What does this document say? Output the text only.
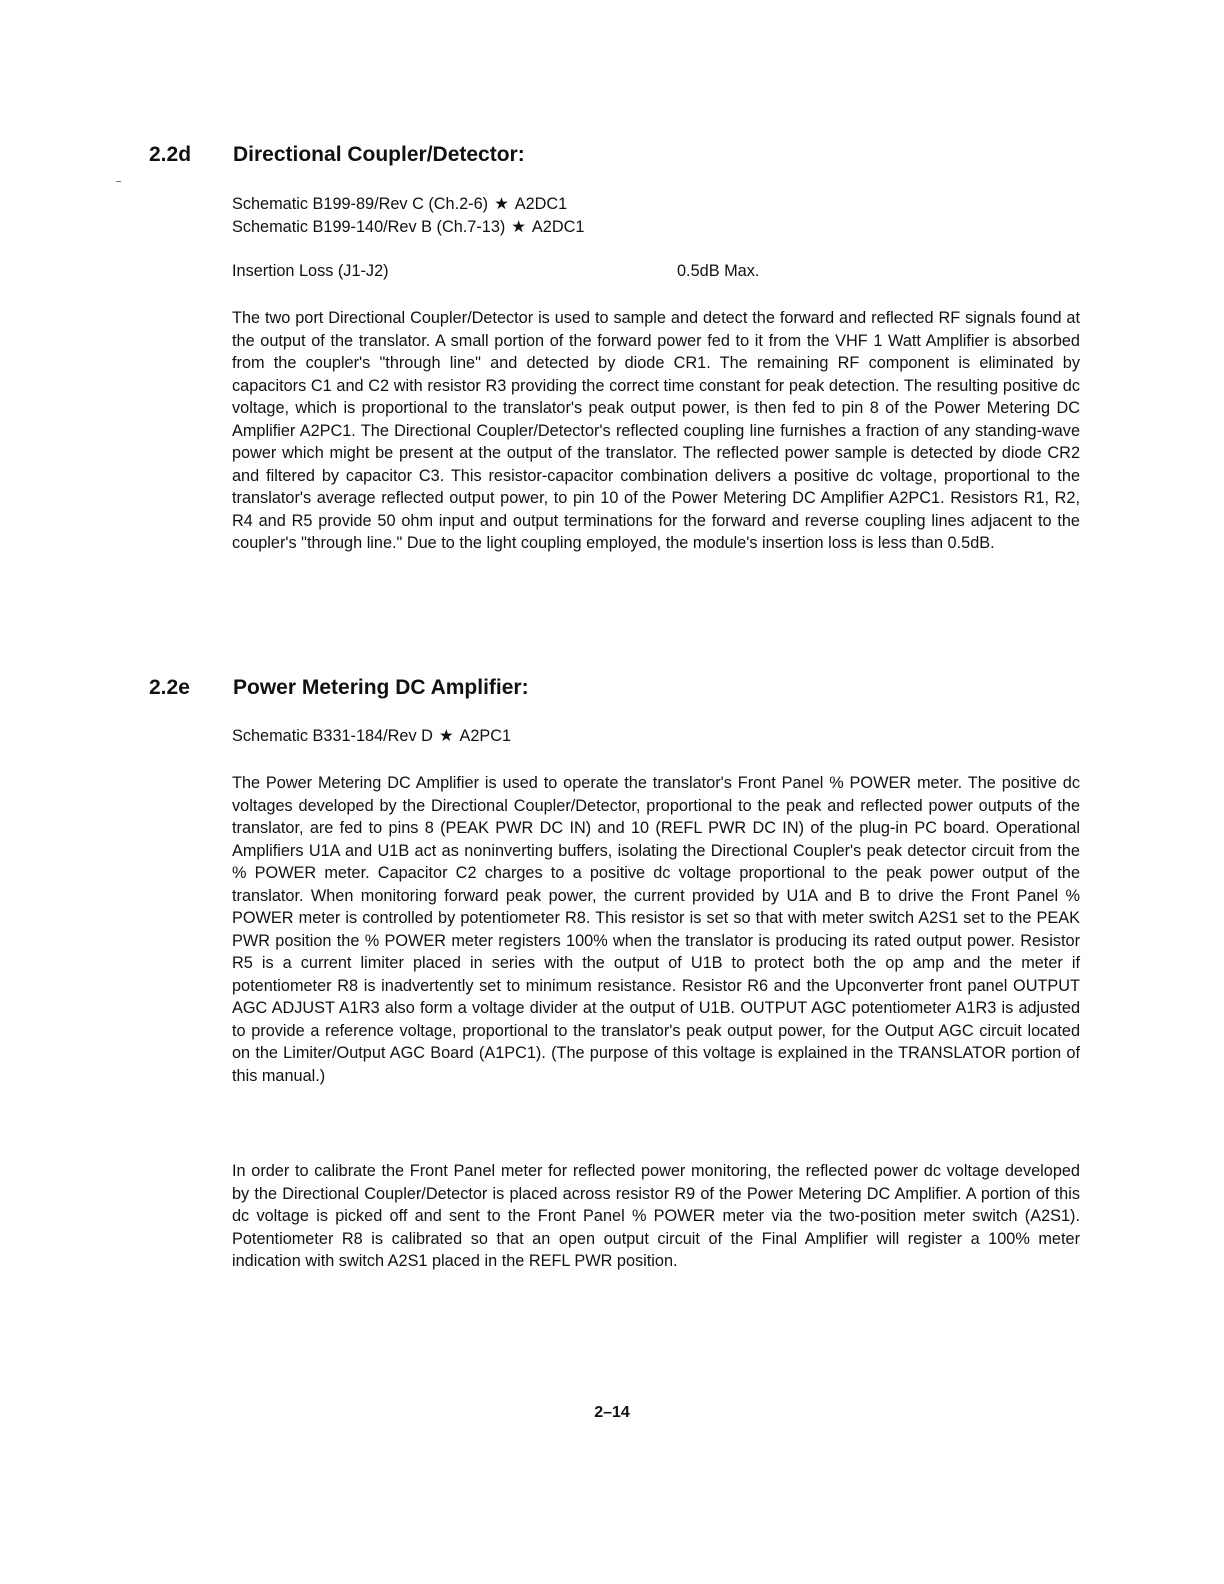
2.2d Directional Coupler/Detector:
Schematic B199-89/Rev C (Ch.2-6) ★ A2DC1
Schematic B199-140/Rev B (Ch.7-13) ★ A2DC1
Insertion Loss (J1-J2)	0.5dB Max.

The two port Directional Coupler/Detector is used to sample and detect the forward and reflected RF signals found at the output of the translator. A small portion of the forward power fed to it from the VHF 1 Watt Amplifier is absorbed from the coupler's "through line" and detected by diode CR1. The remaining RF component is eliminated by capacitors C1 and C2 with resistor R3 providing the correct time constant for peak detection. The resulting positive dc voltage, which is proportional to the translator's peak output power, is then fed to pin 8 of the Power Metering DC Amplifier A2PC1. The Directional Coupler/Detector's reflected coupling line furnishes a fraction of any standing-wave power which might be present at the output of the translator. The reflected power sample is detected by diode CR2 and filtered by capacitor C3. This resistor-capacitor combination delivers a positive dc voltage, proportional to the translator's average reflected output power, to pin 10 of the Power Metering DC Amplifier A2PC1. Resistors R1, R2, R4 and R5 provide 50 ohm input and output terminations for the forward and reverse coupling lines adjacent to the coupler's "through line." Due to the light coupling employed, the module's insertion loss is less than 0.5dB.

2.2e Power Metering DC Amplifier:
Schematic B331-184/Rev D ★ A2PC1

The Power Metering DC Amplifier is used to operate the translator's Front Panel % POWER meter. The positive dc voltages developed by the Directional Coupler/Detector, proportional to the peak and reflected power outputs of the translator, are fed to pins 8 (PEAK PWR DC IN) and 10 (REFL PWR DC IN) of the plug-in PC board. Operational Amplifiers U1A and U1B act as noninverting buffers, isolating the Directional Coupler's peak detector circuit from the % POWER meter. Capacitor C2 charges to a positive dc voltage proportional to the peak power output of the translator. When monitoring forward peak power, the current provided by U1A and B to drive the Front Panel % POWER meter is controlled by potentiometer R8. This resistor is set so that with meter switch A2S1 set to the PEAK PWR position the % POWER meter registers 100% when the translator is producing its rated output power. Resistor R5 is a current limiter placed in series with the output of U1B to protect both the op amp and the meter if potentiometer R8 is inadvertently set to minimum resistance. Resistor R6 and the Upconverter front panel OUTPUT AGC ADJUST A1R3 also form a voltage divider at the output of U1B. OUTPUT AGC potentiometer A1R3 is adjusted to provide a reference voltage, proportional to the translator's peak output power, for the Output AGC circuit located on the Limiter/Output AGC Board (A1PC1). (The purpose of this voltage is explained in the TRANSLATOR portion of this manual.)

In order to calibrate the Front Panel meter for reflected power monitoring, the reflected power dc voltage developed by the Directional Coupler/Detector is placed across resistor R9 of the Power Metering DC Amplifier. A portion of this dc voltage is picked off and sent to the Front Panel % POWER meter via the two-position meter switch (A2S1). Potentiometer R8 is calibrated so that an open output circuit of the Final Amplifier will register a 100% meter indication with switch A2S1 placed in the REFL PWR position.

2–14
